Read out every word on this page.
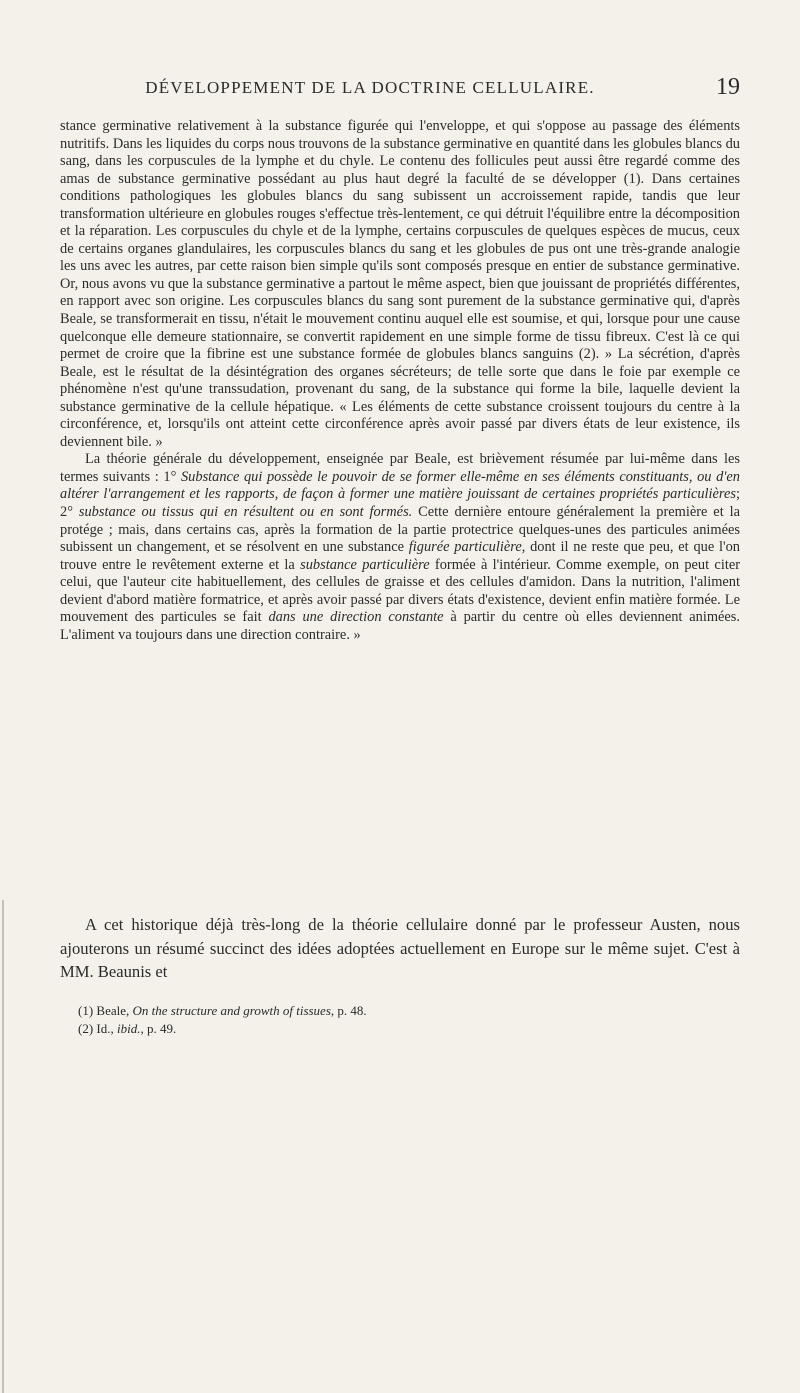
DÉVELOPPEMENT DE LA DOCTRINE CELLULAIRE.	19

stance germinative relativement à la substance figurée qui l'enveloppe, et qui s'oppose au passage des éléments nutritifs. Dans les liquides du corps nous trouvons de la substance germinative en quantité dans les globules blancs du sang, dans les corpuscules de la lymphe et du chyle. Le contenu des follicules peut aussi être regardé comme des amas de substance germinative possédant au plus haut degré la faculté de se développer (1). Dans certaines conditions pathologiques les globules blancs du sang subissent un accroissement rapide, tandis que leur transformation ultérieure en globules rouges s'effectue très-lentement, ce qui détruit l'équilibre entre la décomposition et la réparation. Les corpuscules du chyle et de la lymphe, certains corpuscules de quelques espèces de mucus, ceux de certains organes glandulaires, les corpuscules blancs du sang et les globules de pus ont une très-grande analogie les uns avec les autres, par cette raison bien simple qu'ils sont composés presque en entier de substance germinative. Or, nous avons vu que la substance germinative a partout le même aspect, bien que jouissant de propriétés différentes, en rapport avec son origine. Les corpuscules blancs du sang sont purement de la substance germinative qui, d'après Beale, se transformerait en tissu, n'était le mouvement continu auquel elle est soumise, et qui, lorsque pour une cause quelconque elle demeure stationnaire, se convertit rapidement en une simple forme de tissu fibreux. C'est là ce qui permet de croire que la fibrine est une substance formée de globules blancs sanguins (2). » La sécrétion, d'après Beale, est le résultat de la désintégration des organes sécréteurs; de telle sorte que dans le foie par exemple ce phénomène n'est qu'une transsudation, provenant du sang, de la substance qui forme la bile, laquelle devient la substance germinative de la cellule hépatique. « Les éléments de cette substance croissent toujours du centre à la circonférence, et, lorsqu'ils ont atteint cette circonférence après avoir passé par divers états de leur existence, ils deviennent bile. »

La théorie générale du développement, enseignée par Beale, est brièvement résumée par lui-même dans les termes suivants : 1° Substance qui possède le pouvoir de se former elle-même en ses éléments constituants, ou d'en altérer l'arrangement et les rapports, de façon à former une matière jouissant de certaines propriétés particulières; 2° substance ou tissus qui en résultent ou en sont formés. Cette dernière entoure généralement la première et la protége ; mais, dans certains cas, après la formation de la partie protectrice quelques-unes des particules animées subissent un changement, et se résolvent en une substance figurée particulière, dont il ne reste que peu, et que l'on trouve entre le revêtement externe et la substance particulière formée à l'intérieur. Comme exemple, on peut citer celui, que l'auteur cite habituellement, des cellules de graisse et des cellules d'amidon. Dans la nutrition, l'aliment devient d'abord matière formatrice, et après avoir passé par divers états d'existence, devient enfin matière formée. Le mouvement des particules se fait dans une direction constante à partir du centre où elles deviennent animées. L'aliment va toujours dans une direction contraire. »

A cet historique déjà très-long de la théorie cellulaire donné par le professeur Austen, nous ajouterons un résumé succinct des idées adoptées actuellement en Europe sur le même sujet. C'est à MM. Beaunis et

(1) Beale, On the structure and growth of tissues, p. 48.
(2) Id., ibid., p. 49.
